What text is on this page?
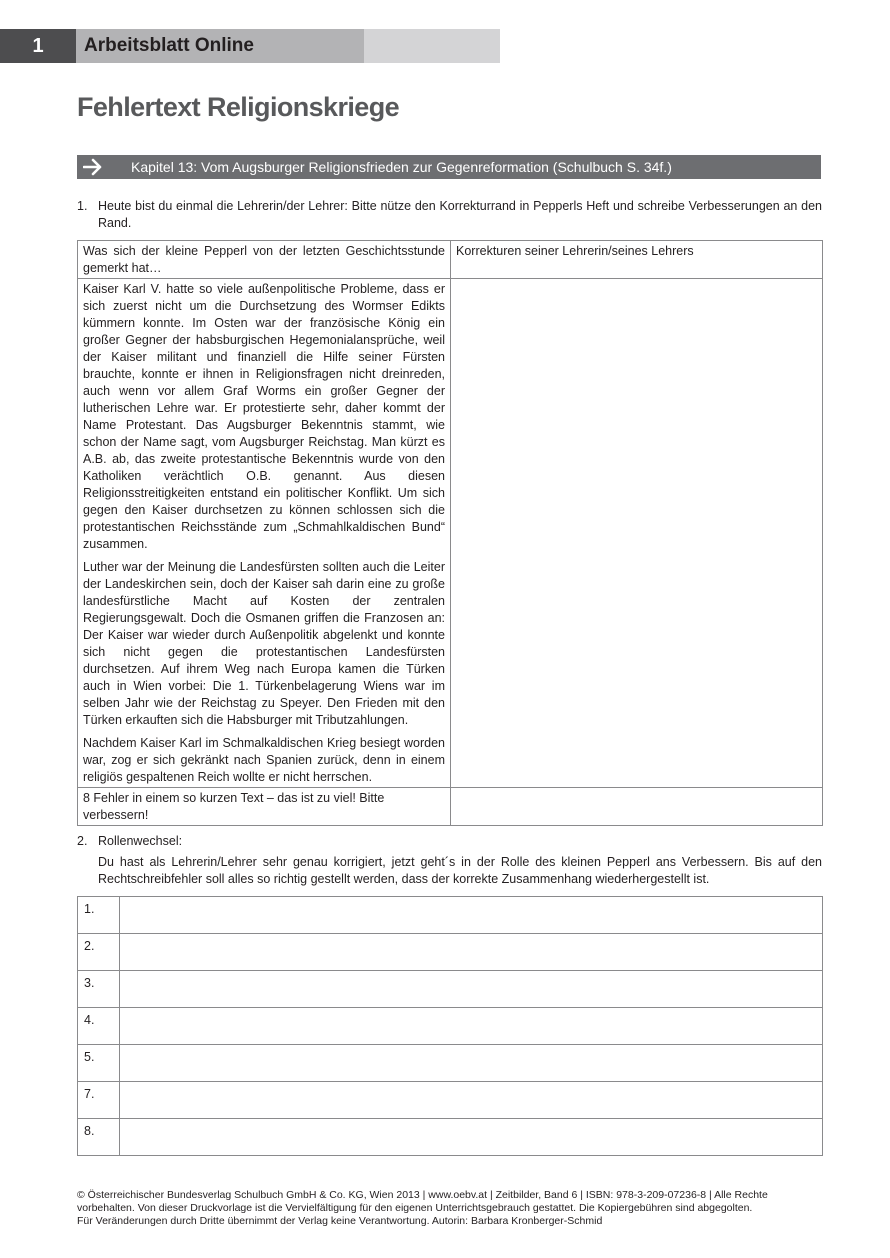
1	Arbeitsblatt Online
Fehlertext Religionskriege
Kapitel 13: Vom Augsburger Religionsfrieden zur Gegenreformation (Schulbuch S. 34f.)
1. Heute bist du einmal die Lehrerin/der Lehrer: Bitte nütze den Korrekturrand in Pepperls Heft und schreibe Verbesserungen an den Rand.
Was sich der kleine Pepperl von der letzten Geschichtsstunde gemerkt hat…	Korrekturen seiner Lehrerin/seines Lehrers

Kaiser Karl V. hatte so viele außenpolitische Probleme, dass er sich zuerst nicht um die Durchsetzung des Wormser Edikts kümmern konnte. Im Osten war der französische König ein großer Gegner der habsburgischen Hegemonialansprüche, weil der Kaiser militant und finanziell die Hilfe seiner Fürsten brauchte, konnte er ihnen in Religionsfragen nicht dreinreden, auch wenn vor allem Graf Worms ein großer Gegner der lutherischen Lehre war. Er protestierte sehr, daher kommt der Name Protestant. Das Augsburger Bekenntnis stammt, wie schon der Name sagt, vom Augsburger Reichstag. Man kürzt es A.B. ab, das zweite protestantische Bekenntnis wurde von den Katholiken verächtlich O.B. genannt. Aus diesen Religionsstreitigkeiten entstand ein politischer Konflikt. Um sich gegen den Kaiser durchsetzen zu können schlossen sich die protestantischen Reichsstände zum „Schmahlkaldischen Bund“ zusammen.

Luther war der Meinung die Landesfürsten sollten auch die Leiter der Landeskirchen sein, doch der Kaiser sah darin eine zu große landesfürstliche Macht auf Kosten der zentralen Regierungsgewalt. Doch die Osmanen griffen die Franzosen an: Der Kaiser war wieder durch Außenpolitik abgelenkt und konnte sich nicht gegen die protestantischen Landesfürsten durchsetzen. Auf ihrem Weg nach Europa kamen die Türken auch in Wien vorbei: Die 1. Türkenbelagerung Wiens war im selben Jahr wie der Reichstag zu Speyer. Den Frieden mit den Türken erkauften sich die Habsburger mit Tributzahlungen.

Nachdem Kaiser Karl im Schmalkaldischen Krieg besiegt worden war, zog er sich gekränkt nach Spanien zurück, denn in einem religiös gespaltenen Reich wollte er nicht herrschen.	

8 Fehler in einem so kurzen Text – das ist zu viel! Bitte verbessern!	
2. Rollenwechsel:
Du hast als Lehrerin/Lehrer sehr genau korrigiert, jetzt geht´s in der Rolle des kleinen Pepperl ans Verbessern. Bis auf den Rechtschreibfehler soll alles so richtig gestellt werden, dass der korrekte Zusammenhang wiederhergestellt ist.
1.	
2.	
3.	
4.	
5.	
7.	
8.	
© Österreichischer Bundesverlag Schulbuch GmbH & Co. KG, Wien 2013 | www.oebv.at | Zeitbilder, Band 6 | ISBN: 978-3-209-07236-8 | Alle Rechte
vorbehalten. Von dieser Druckvorlage ist die Vervielfältigung für den eigenen Unterrichtsgebrauch gestattet. Die Kopiergebühren sind abgegolten.
Für Veränderungen durch Dritte übernimmt der Verlag keine Verantwortung. Autorin: Barbara Kronberger-Schmid
